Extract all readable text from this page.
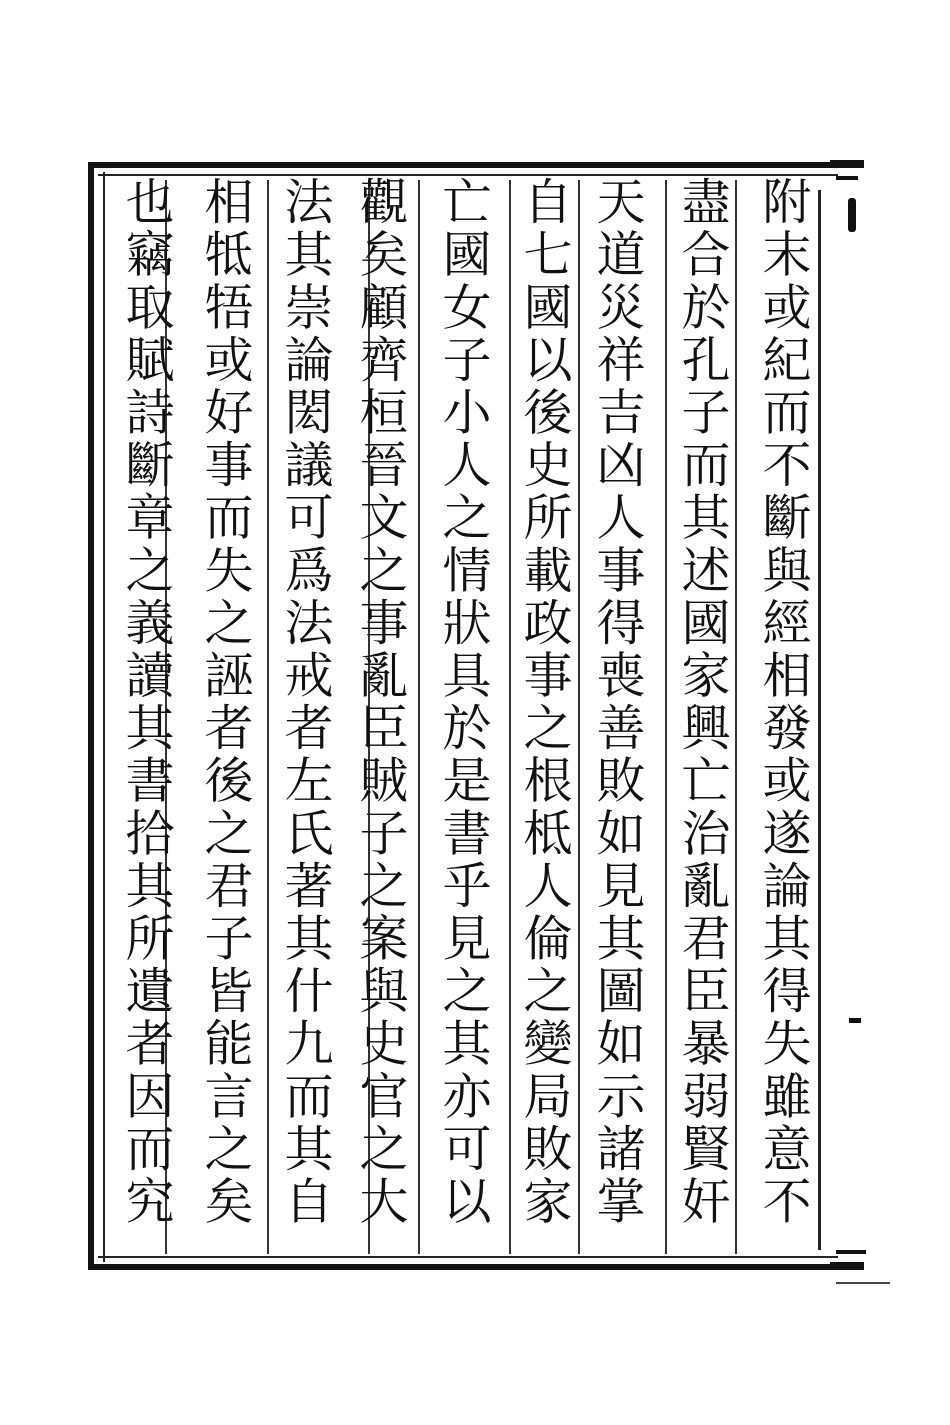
附末或紀而不斷與經相發或遂論其得失雖意不
盡合於孔子而其述國家興亡治亂君臣暴弱賢奸
天道災祥吉凶人事得喪善敗如見其圖如示諸掌
自七國以後史所載政事之根柢人倫之變局敗家
亡國女子小人之情狀具於是書乎見之其亦可以
觀矣顧齊桓晉文之事亂臣賊子之案與史官之大
法其崇論閎議可爲法戒者左氏著其什九而其自
相牴牾或好事而失之誣者後之君子皆能言之矣
也竊取賦詩斷章之義讀其書拾其所遺者因而究
